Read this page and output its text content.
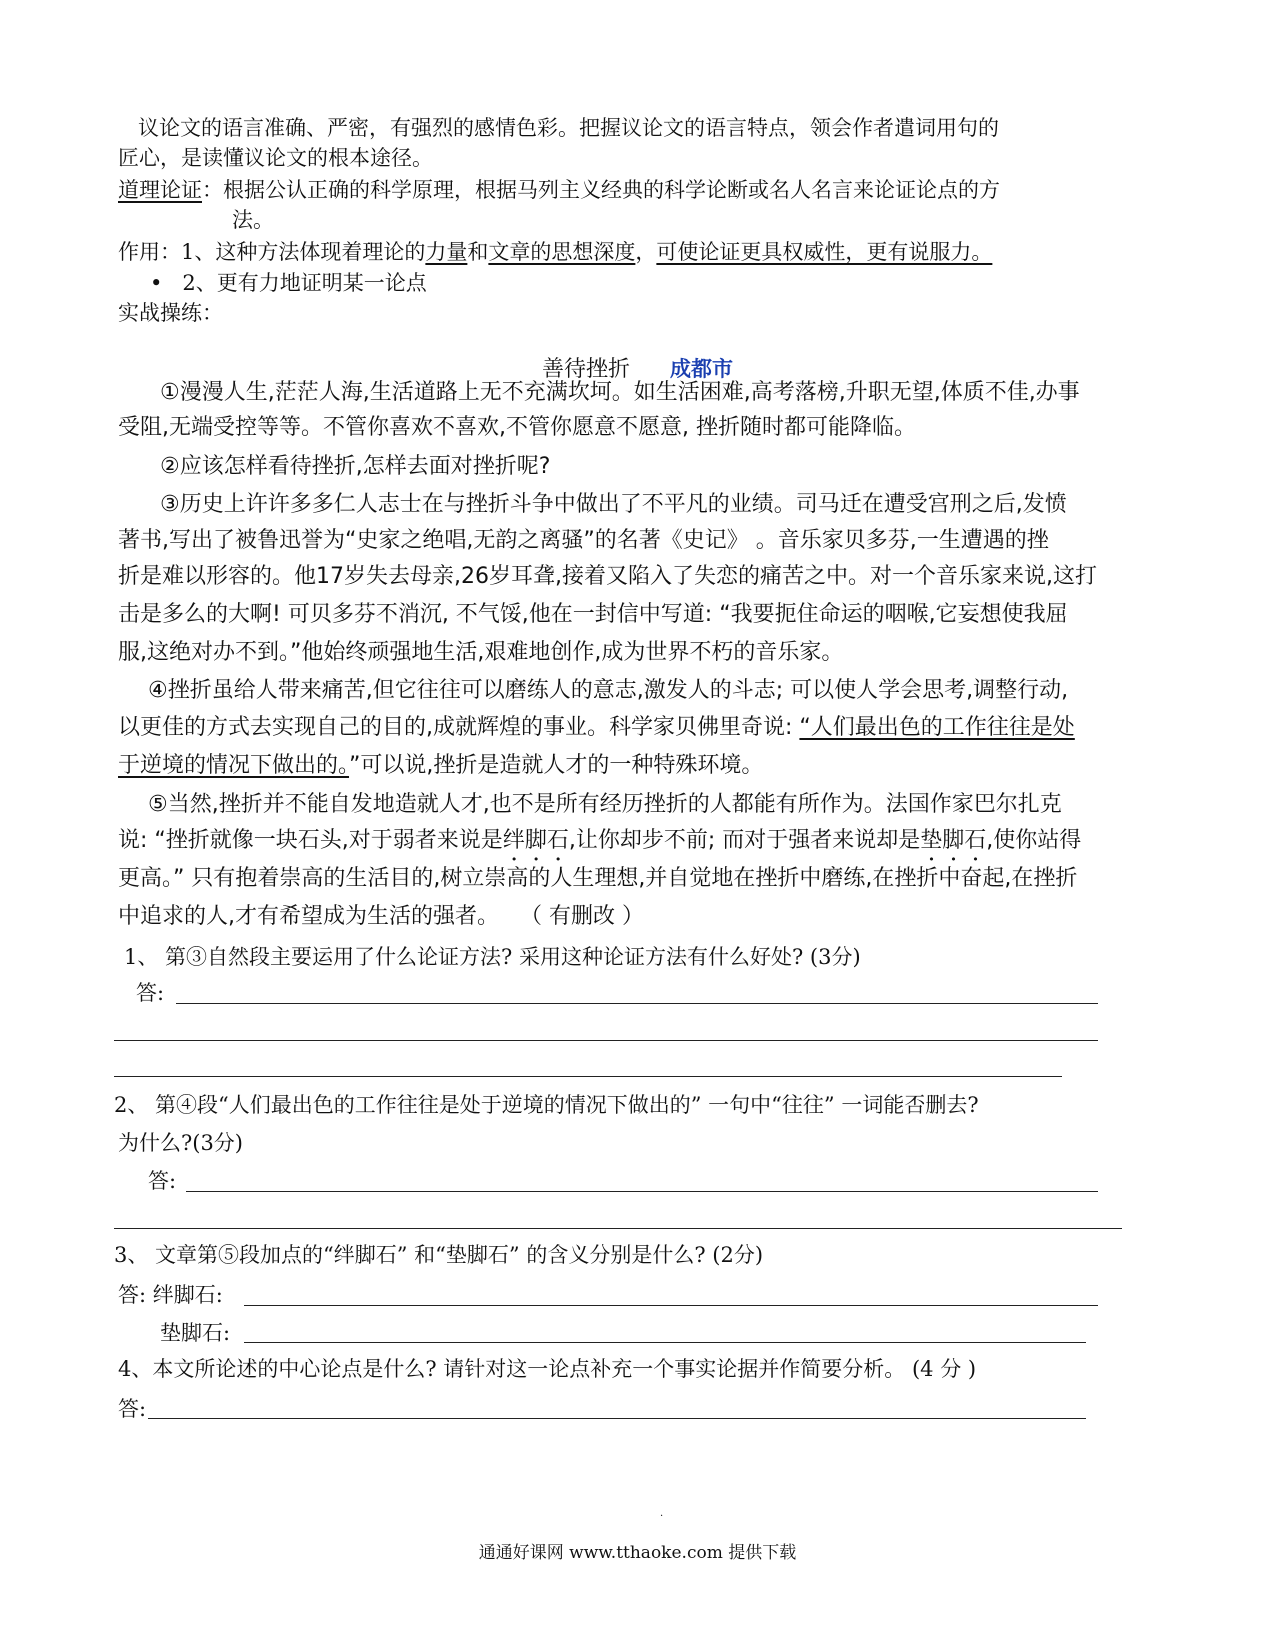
议论文的语言准确、严密，有强烈的感情色彩。把握议论文的语言特点，领会作者遣词用句的
匠心，是读懂议论文的根本途径。
道理论证：根据公认正确的科学原理，根据马列主义经典的科学论断或名人名言来论证论点的方
法。
作用：1、这种方法体现着理论的力量和文章的思想深度，可使论证更具权威性，更有说服力。
•   2、更有力地证明某一论点
实战操练：
善待挫折 成都市
①漫漫人生,茫茫人海,生活道路上无不充满坎坷。如生活困难,高考落榜,升职无望,体质不佳,办事
受阻,无端受控等等。不管你喜欢不喜欢,不管你愿意不愿意, 挫折随时都可能降临。
②应该怎样看待挫折,怎样去面对挫折呢?
③历史上许许多多仁人志士在与挫折斗争中做出了不平凡的业绩。司马迁在遭受宫刑之后,发愤
著书,写出了被鲁迅誉为“史家之绝唱,无韵之离骚”的名著《史记》 。音乐家贝多芬,一生遭遇的挫
折是难以形容的。他17岁失去母亲,26岁耳聋,接着又陷入了失恋的痛苦之中。对一个音乐家来说,这打
击是多么的大啊! 可贝多芬不消沉, 不气馁,他在一封信中写道: “我要扼住命运的咽喉,它妄想使我屈
服,这绝对办不到。”他始终顽强地生活,艰难地创作,成为世界不朽的音乐家。
④挫折虽给人带来痛苦,但它往往可以磨练人的意志,激发人的斗志; 可以使人学会思考,调整行动,
以更佳的方式去实现自己的目的,成就辉煌的事业。科学家贝佛里奇说: “人们最出色的工作往往是处
于逆境的情况下做出的。”可以说,挫折是造就人才的一种特殊环境。
⑤当然,挫折并不能自发地造就人才,也不是所有经历挫折的人都能有所作为。法国作家巴尔扎克
说: “挫折就像一块石头,对于弱者来说是绊脚石,让你却步不前; 而对于强者来说却是垫脚石,使你站得
更高。” 只有抱着崇高的生活目的,树立崇高的人生理想,并自觉地在挫折中磨练,在挫折中奋起,在挫折
中追求的人,才有希望成为生活的强者。 （ 有删改 ）
1、 第③自然段主要运用了什么论证方法? 采用这种论证方法有什么好处? (3分)
答:
2、 第④段“人们最出色的工作往往是处于逆境的情况下做出的” 一句中“往往” 一词能否删去?
为什么?(3分)
答:
3、 文章第⑤段加点的“绊脚石” 和“垫脚石” 的含义分别是什么? (2分)
答: 绊脚石:
垫脚石:
4、本文所论述的中心论点是什么? 请针对这一论点补充一个事实论据并作简要分析。 (4 分 )
答:
.
通通好课网 www.tthaoke.com 提供下载
